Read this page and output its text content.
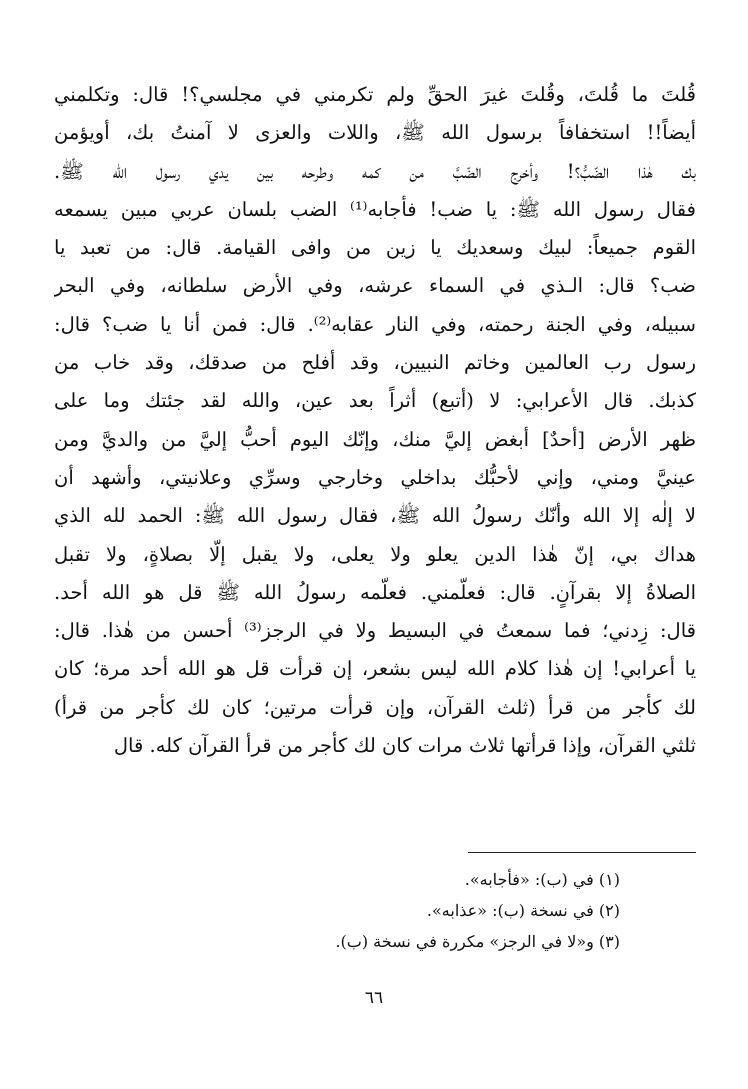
قُلتَ ما قُلتَ، وقُلتَ غيرَ الحقِّ ولم تكرمني في مجلسي؟! قال: وتكلمني
أيضاً!! استخفافاً برسول الله ﷺ، واللات والعزى لا آمنتُ بك، أويؤمن
بك هٰذا الضّبُّ؟! وأخرج الضّبَّ من كمه وطرحه بين يدي رسول الله ﷺ.
فقال رسول الله ﷺ: يا ضب! فأجابه⁽¹⁾ الضب بلسان عربي مبين يسمعه
القوم جميعاً: لبيك وسعديك يا زين من وافى القيامة. قال: من تعبد يا
ضب؟ قال: الـذي في السماء عرشه، وفي الأرض سلطانه، وفي البحر
سبيله، وفي الجنة رحمته، وفي النار عقابه⁽²⁾. قال: فمن أنا يا ضب؟ قال:
رسول رب العالمين وخاتم النبيين، وقد أفلح من صدقك، وقد خاب من
كذبك. قال الأعرابي: لا (أتبع) أثراً بعد عين، والله لقد جئتك وما على
ظهر الأرض [أحدٌ] أبغض إليَّ منك، وإنّك اليوم أحبُّ إليَّ من والديَّ ومن
عينيَّ ومني، وإني لأحبُّك بداخلي وخارجي وسرِّي وعلانيتي، وأشهد أن
لا إلٰه إلا الله وأنّك رسولُ الله ﷺ، فقال رسول الله ﷺ: الحمد لله الذي
هداك بي، إنّ هٰذا الدين يعلو ولا يعلى، ولا يقبل إلّا بصلاةٍ، ولا تقبل
الصلاةُ إلا بقرآنٍ. قال: فعلّمني. فعلّمه رسولُ الله ﷺ قل هو الله أحد.
قال: زِدني؛ فما سمعتُ في البسيط ولا في الرجز⁽³⁾ أحسن من هٰذا. قال:
يا أعرابي! إن هٰذا كلام الله ليس بشعر، إن قرأت قل هو الله أحد مرة؛ كان
لك كأجر من قرأ (ثلث القرآن، وإن قرأت مرتين؛ كان لك كأجر من قرأ)
ثلثي القرآن، وإذا قرأتها ثلاث مرات كان لك كأجر من قرأ القرآن كله. قال
(١) في (ب): «فأجابه».
(٢) في نسخة (ب): «عذابه».
(٣) و«لا في الرجز» مكررة في نسخة (ب).
٦٦
